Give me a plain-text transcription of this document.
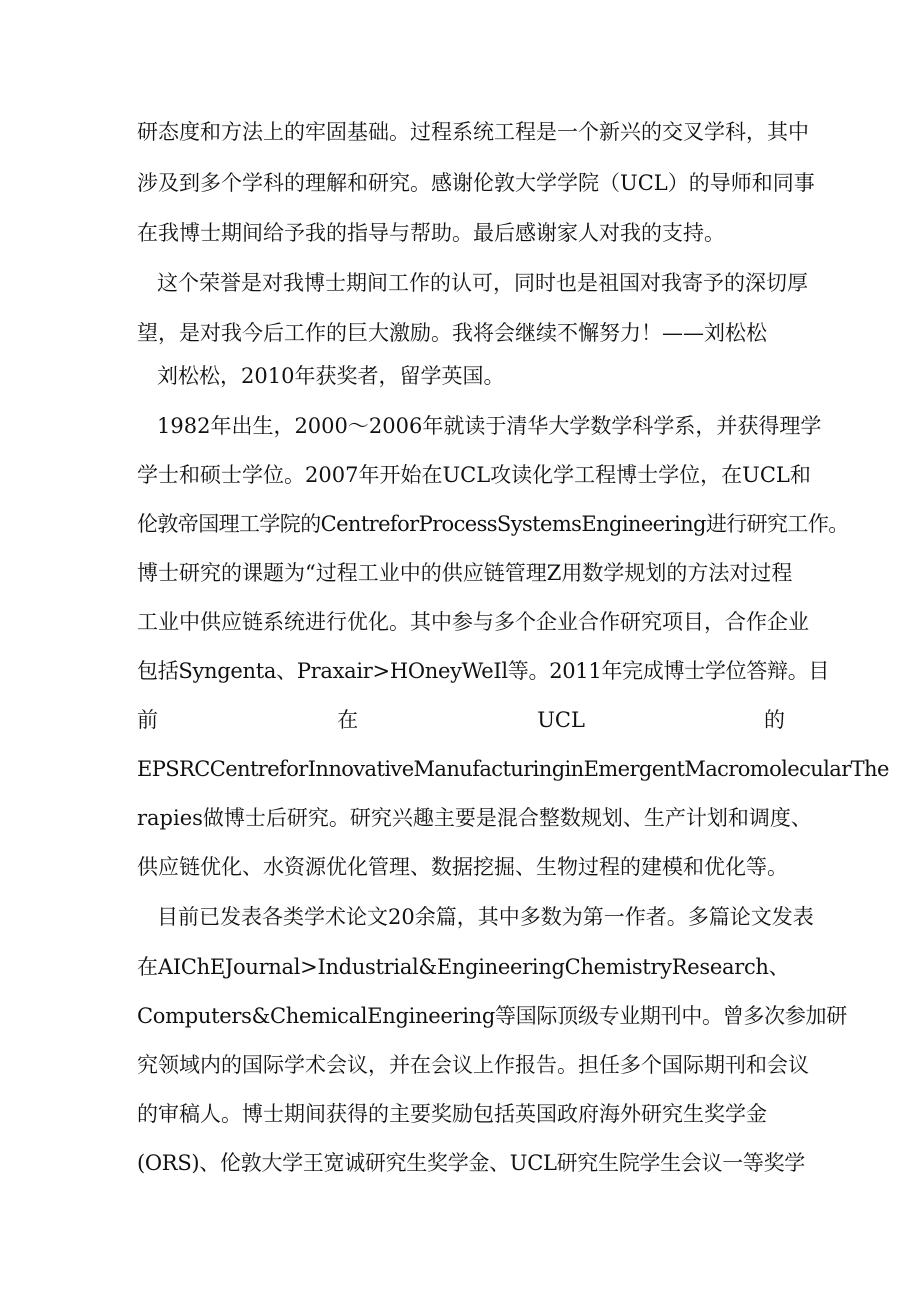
研态度和方法上的牢固基础。过程系统工程是一个新兴的交叉学科，其中
涉及到多个学科的理解和研究。感谢伦敦大学学院（UCL）的导师和同事
在我博士期间给予我的指导与帮助。最后感谢家人对我的支持。
这个荣誉是对我博士期间工作的认可，同时也是祖国对我寄予的深切厚
望，是对我今后工作的巨大激励。我将会继续不懈努力！——刘松松
刘松松，2010年获奖者，留学英国。
1982年出生，2000～2006年就读于清华大学数学科学系，并获得理学
学士和硕士学位。2007年开始在UCL攻读化学工程博士学位，在UCL和
伦敦帝国理工学院的CentreforProcessSystemsEngineering进行研究工作。
博士研究的课题为“过程工业中的供应链管理Z用数学规划的方法对过程
工业中供应链系统进行优化。其中参与多个企业合作研究项目，合作企业
包括Syngenta、Praxair>HOneyWeIl等。2011年完成博士学位答辩。目
前	在	UCL	的
EPSRCCentreforInnovativeManufacturinginEmergentMacromolecularThe
rapies做博士后研究。研究兴趣主要是混合整数规划、生产计划和调度、
供应链优化、水资源优化管理、数据挖掘、生物过程的建模和优化等。
目前已发表各类学术论文20余篇，其中多数为第一作者。多篇论文发表
在 AIChEJournal>Industrial&EngineeringChemistryResearch 、
Computers&ChemicalEngineering等国际顶级专业期刊中。曾多次参加研
究领域内的国际学术会议，并在会议上作报告。担任多个国际期刊和会议
的审稿人。博士期间获得的主要奖励包括英国政府海外研究生奖学金
(ORS)、伦敦大学王宽诚研究生奖学金、UCL研究生院学生会议一等奖学
